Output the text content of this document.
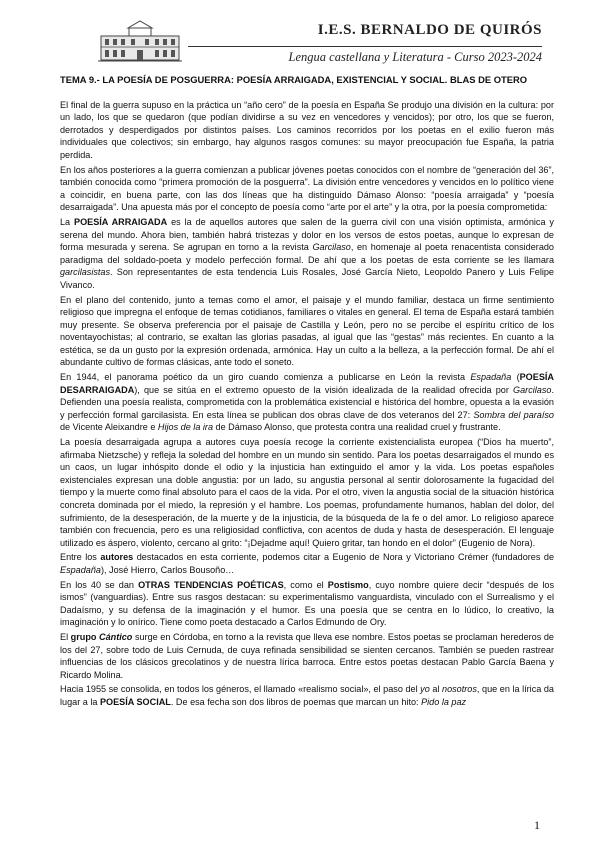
I.E.S. BERNALDO DE QUIRÓS
Lengua castellana y Literatura - Curso 2023-2024
TEMA 9.- LA POESÍA DE POSGUERRA: POESÍA ARRAIGADA, EXISTENCIAL Y SOCIAL. BLAS DE OTERO

El final de la guerra supuso en la práctica un “año cero” de la poesía en España Se produjo una división en la cultura: por un lado, los que se quedaron (que podían dividirse a su vez en vencedores y vencidos); por otro, los que se fueron, derrotados y desperdigados por distintos países. Los caminos recorridos por los poetas en el exilio fueron más individuales que colectivos; sin embargo, hay algunos rasgos comunes: su mayor preocupación fue España, la patria perdida.

En los años posteriores a la guerra comienzan a publicar jóvenes poetas conocidos con el nombre de “generación del 36”, también conocida como “primera promoción de la posguerra”. La división entre vencedores y vencidos en lo político viene a coincidir, en buena parte, con las dos líneas que ha distinguido Dámaso Alonso: “poesía arraigada” y “poesía desarraigada”. Una apuesta más por el concepto de poesía como “arte por el arte” y la otra, por la poesía comprometida:

La POESÍA ARRAIGADA es la de aquellos autores que salen de la guerra civil con una visión optimista, armónica y serena del mundo. Ahora bien, también habrá tristezas y dolor en los versos de estos poetas, aunque lo expresan de forma mesurada y serena. Se agrupan en torno a la revista Garcilaso, en homenaje al poeta renacentista considerado paradigma del soldado-poeta y modelo perfección formal. De ahí que a los poetas de esta corriente se les llamara garcilasistas. Son representantes de esta tendencia Luis Rosales, José García Nieto, Leopoldo Panero y Luis Felipe Vivanco.

En el plano del contenido, junto a temas como el amor, el paisaje y el mundo familiar, destaca un firme sentimiento religioso que impregna el enfoque de temas cotidianos, familiares o vitales en general. El tema de España estará también muy presente. Se observa preferencia por el paisaje de Castilla y León, pero no se percibe el espíritu crítico de los noventayochistas; al contrario, se exaltan las glorias pasadas, al igual que las “gestas” más recientes. En cuanto a la estética, se da un gusto por la expresión ordenada, armónica. Hay un culto a la belleza, a la perfección formal. De ahí el abundante cultivo de formas clásicas, ante todo el soneto.

En 1944, el panorama poético da un giro cuando comienza a publicarse en León la revista Espadaña (POESÍA DESARRAIGADA), que se sitúa en el extremo opuesto de la visión idealizada de la realidad ofrecida por Garcilaso. Defienden una poesía realista, comprometida con la problemática existencial e histórica del hombre, opuesta a la evasión y perfección formal garcilasista. En esta línea se publican dos obras clave de dos veteranos del 27: Sombra del paraíso de Vicente Aleixandre e Hijos de la ira de Dámaso Alonso, que protesta contra una realidad cruel y frustrante.

La poesía desarraigada agrupa a autores cuya poesía recoge la corriente existencialista europea (“Dios ha muerto”, afirmaba Nietzsche) y refleja la soledad del hombre en un mundo sin sentido. Para los poetas desarraigados el mundo es un caos, un lugar inhóspito donde el odio y la injusticia han extinguido el amor y la vida. Los poetas españoles existenciales expresan una doble angustia: por un lado, su angustia personal al sentir dolorosamente la fugacidad del tiempo y la muerte como final absoluto para el caos de la vida. Por el otro, viven la angustia social de la situación histórica concreta dominada por el miedo, la represión y el hambre. Los poemas, profundamente humanos, hablan del dolor, del sufrimiento, de la desesperación, de la muerte y de la injusticia, de la búsqueda de la fe o del amor. Lo religioso aparece también con frecuencia, pero es una religiosidad conflictiva, con acentos de duda y hasta de desesperación. El lenguaje utilizado es áspero, violento, cercano al grito: “¡Dejadme aquí! Quiero gritar, tan hondo en el dolor” (Eugenio de Nora).

Entre los autores destacados en esta corriente, podemos citar a Eugenio de Nora y Victoriano Crémer (fundadores de Espadaña), José Hierro, Carlos Bousoño…

En los 40 se dan OTRAS TENDENCIAS POÉTICAS, como el Postismo, cuyo nombre quiere decir “después de los ismos” (vanguardias). Entre sus rasgos destacan: su experimentalismo vanguardista, vinculado con el Surrealismo y el Dadaísmo, y su defensa de la imaginación y el humor. Es una poesía que se centra en lo lúdico, lo creativo, la imaginación y lo onírico. Tiene como poeta destacado a Carlos Edmundo de Ory.

El grupo Cántico surge en Córdoba, en torno a la revista que lleva ese nombre. Estos poetas se proclaman herederos de los del 27, sobre todo de Luis Cernuda, de cuya refinada sensibilidad se sienten cercanos. También se pueden rastrear influencias de los clásicos grecolatinos y de nuestra lírica barroca. Entre estos poetas destacan Pablo García Baena y Ricardo Molina.

Hacia 1955 se consolida, en todos los géneros, el llamado «realismo social», el paso del yo al nosotros, que en la lírica da lugar a la POESÍA SOCIAL. De esa fecha son dos libros de poemas que marcan un hito: Pido la paz

1
